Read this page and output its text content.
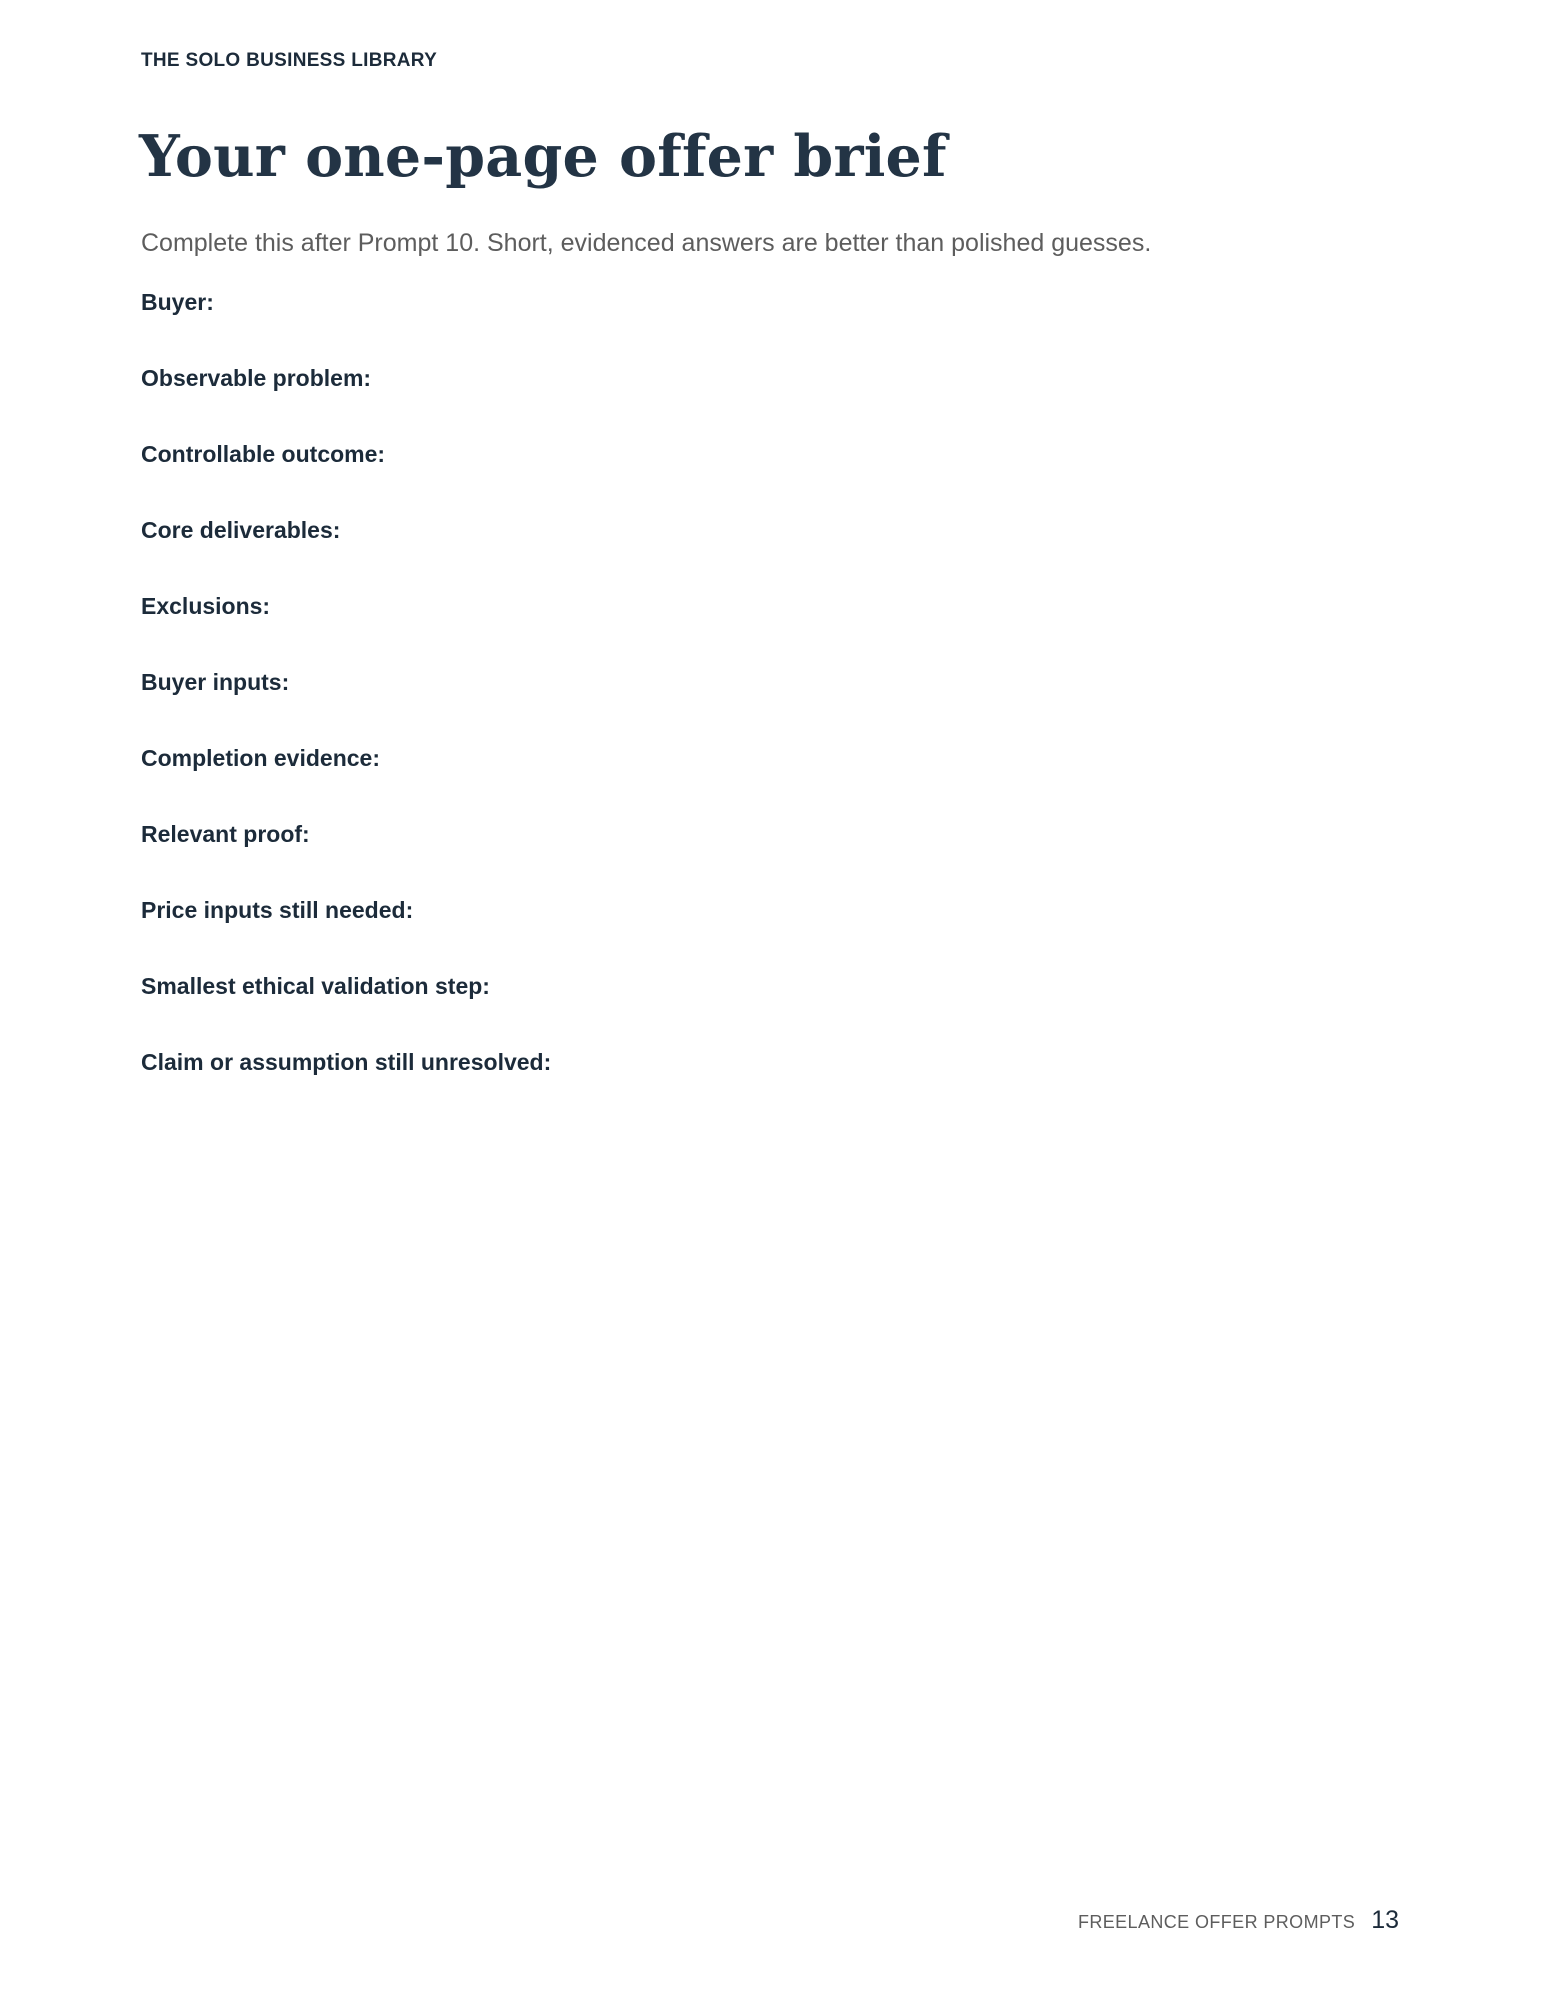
THE SOLO BUSINESS LIBRARY
Your one-page offer brief

Complete this after Prompt 10. Short, evidenced answers are better than polished guesses.

Buyer:
Observable problem:
Controllable outcome:
Core deliverables:
Exclusions:
Buyer inputs:
Completion evidence:
Relevant proof:
Price inputs still needed:
Smallest ethical validation step:
Claim or assumption still unresolved:
FREELANCE OFFER PROMPTS 13
